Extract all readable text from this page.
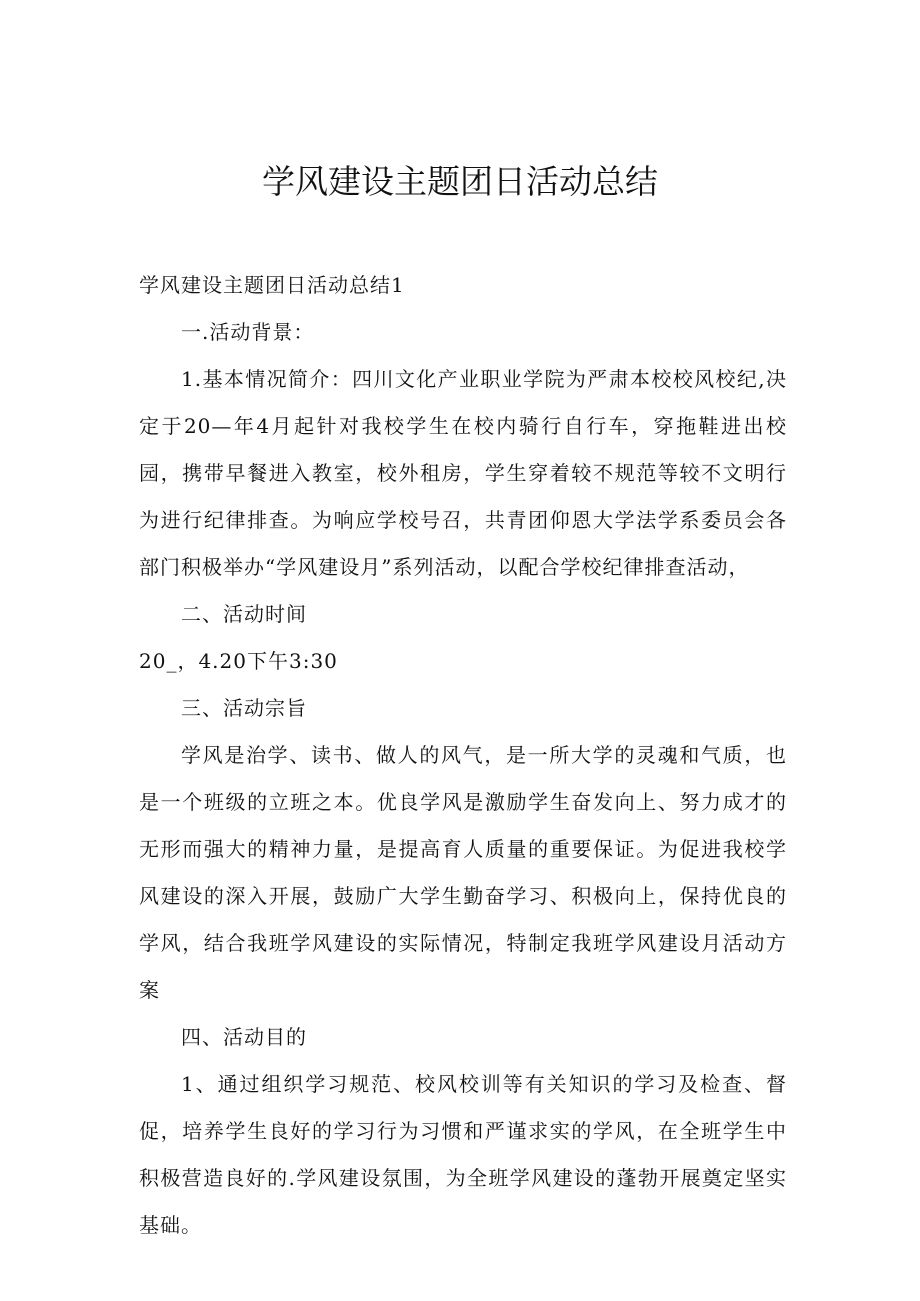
学风建设主题团日活动总结

学风建设主题团日活动总结1

一.活动背景：

1.基本情况简介：四川文化产业职业学院为严肃本校校风校纪,决定于20—年4月起针对我校学生在校内骑行自行车，穿拖鞋进出校园，携带早餐进入教室，校外租房，学生穿着较不规范等较不文明行为进行纪律排查。为响应学校号召，共青团仰恩大学法学系委员会各部门积极举办“学风建设月”系列活动，以配合学校纪律排查活动，

二、活动时间

20_，4.20下午3:30

三、活动宗旨

学风是治学、读书、做人的风气，是一所大学的灵魂和气质，也是一个班级的立班之本。优良学风是激励学生奋发向上、努力成才的无形而强大的精神力量，是提高育人质量的重要保证。为促进我校学风建设的深入开展，鼓励广大学生勤奋学习、积极向上，保持优良的学风，结合我班学风建设的实际情况，特制定我班学风建设月活动方案

四、活动目的

1、通过组织学习规范、校风校训等有关知识的学习及检查、督促，培养学生良好的学习行为习惯和严谨求实的学风，在全班学生中积极营造良好的.学风建设氛围，为全班学风建设的蓬勃开展奠定坚实基础。
